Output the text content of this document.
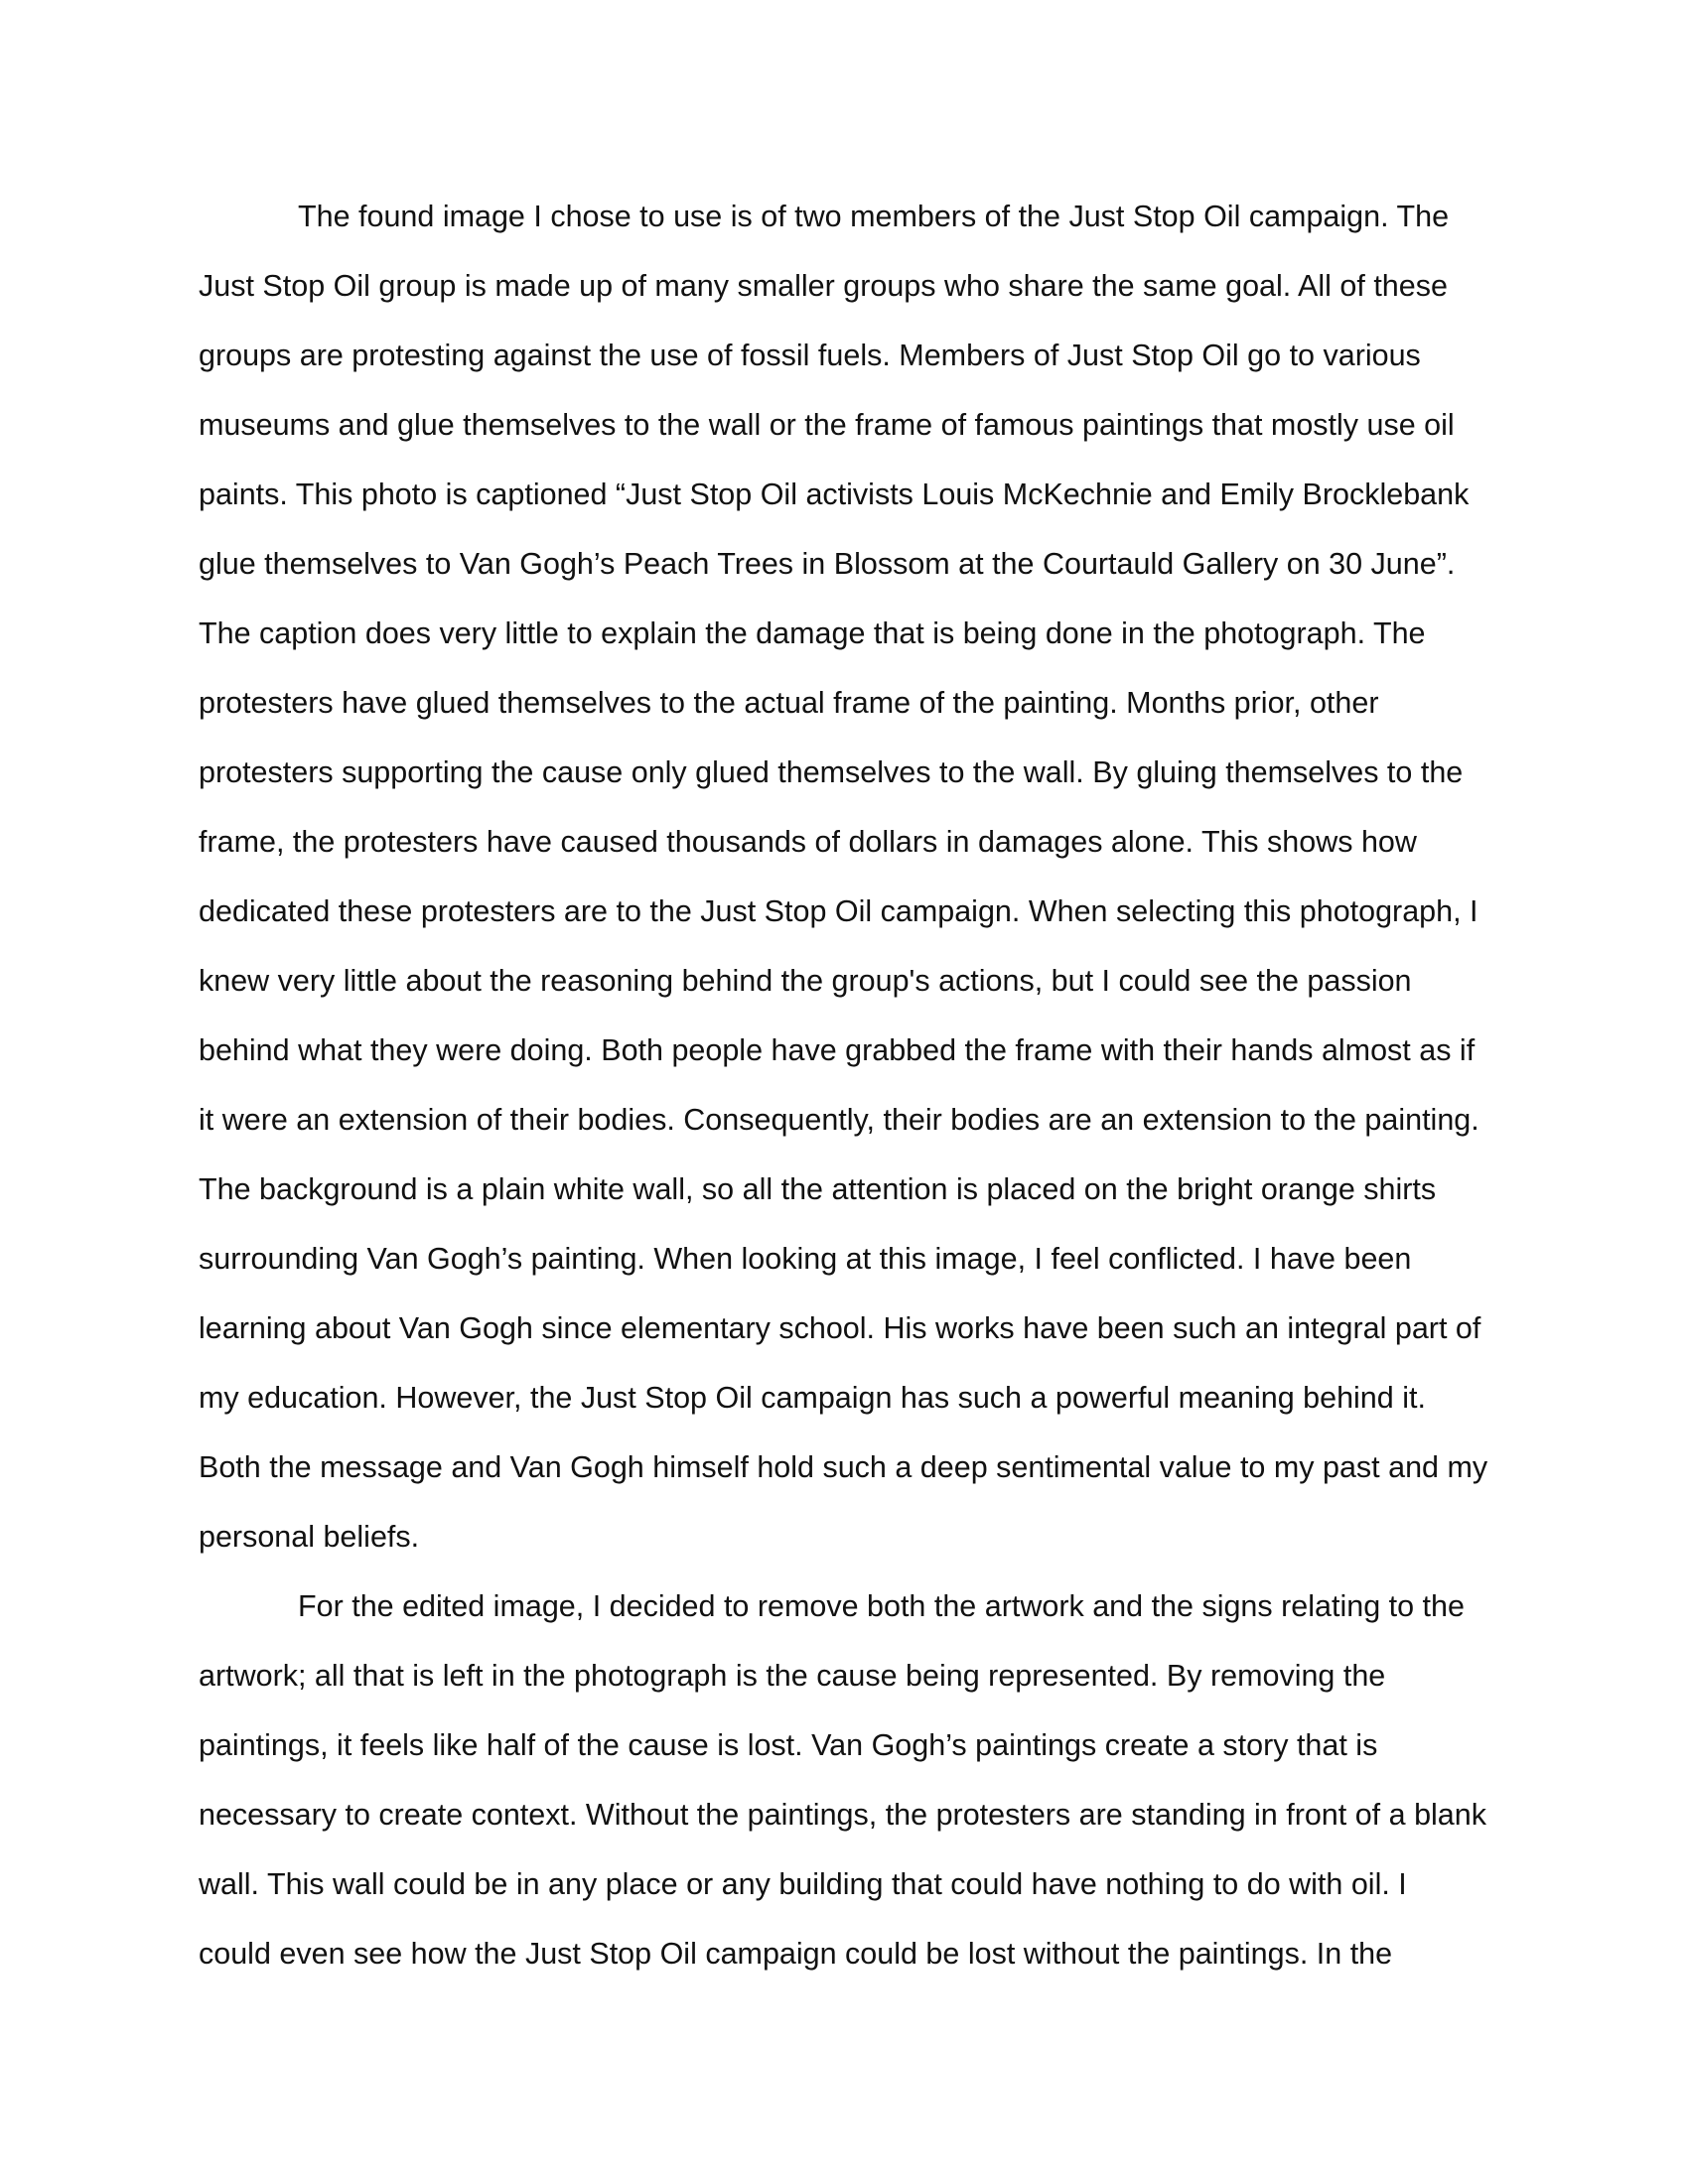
The found image I chose to use is of two members of the Just Stop Oil campaign. The
Just Stop Oil group is made up of many smaller groups who share the same goal. All of these
groups are protesting against the use of fossil fuels. Members of Just Stop Oil go to various
museums and glue themselves to the wall or the frame of famous paintings that mostly use oil
paints. This photo is captioned “Just Stop Oil activists Louis McKechnie and Emily Brocklebank
glue themselves to Van Gogh’s Peach Trees in Blossom at the Courtauld Gallery on 30 June”.
The caption does very little to explain the damage that is being done in the photograph. The
protesters have glued themselves to the actual frame of the painting. Months prior, other
protesters supporting the cause only glued themselves to the wall. By gluing themselves to the
frame, the protesters have caused thousands of dollars in damages alone. This shows how
dedicated these protesters are to the Just Stop Oil campaign. When selecting this photograph, I
knew very little about the reasoning behind the group's actions, but I could see the passion
behind what they were doing. Both people have grabbed the frame with their hands almost as if
it were an extension of their bodies. Consequently, their bodies are an extension to the painting.
The background is a plain white wall, so all the attention is placed on the bright orange shirts
surrounding Van Gogh’s painting. When looking at this image, I feel conflicted. I have been
learning about Van Gogh since elementary school. His works have been such an integral part of
my education. However, the Just Stop Oil campaign has such a powerful meaning behind it.
Both the message and Van Gogh himself hold such a deep sentimental value to my past and my
personal beliefs.
For the edited image, I decided to remove both the artwork and the signs relating to the
artwork; all that is left in the photograph is the cause being represented. By removing the
paintings, it feels like half of the cause is lost. Van Gogh’s paintings create a story that is
necessary to create context. Without the paintings, the protesters are standing in front of a blank
wall. This wall could be in any place or any building that could have nothing to do with oil. I
could even see how the Just Stop Oil campaign could be lost without the paintings. In the
